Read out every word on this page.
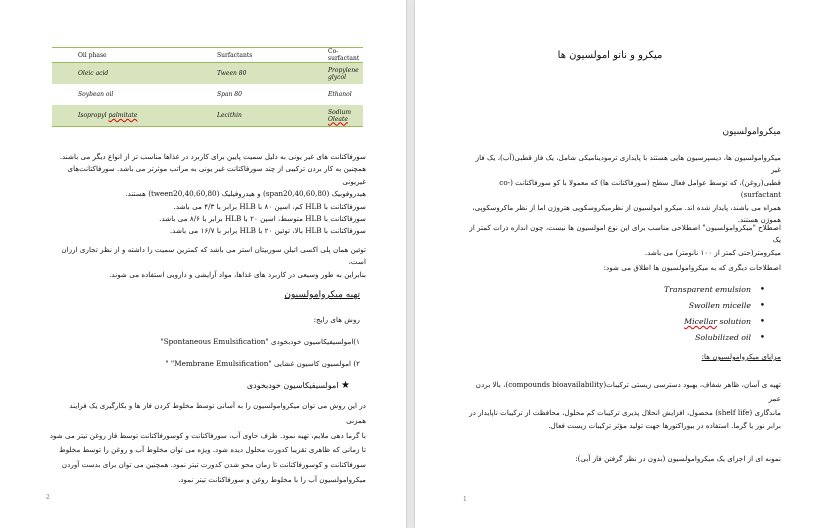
Oil phase	Surfactants	Co-surfactant
Oleic acid	Tween 80	Propylene glycol
Soybean oil	Span 80	Ethanol
Isopropyl palmitate	Lecithin	Sodium Oleate
سورفاکتانت های غیر یونی به دلیل سمیت پایین برای کاربرد در غذاها مناسب تر از انواع دیگر می باشند.
همچنین به کار بردن ترکیبی از چند سورفاکتانت غیر یونی به مراتب موثرتر می باشد. سورفاکتانت‌های غیریونی
هیدروفوبیک (span20,40,60,80) و هیدروفیلیک (tween20,40,60,80) هستند.
سورفاکتانت با HLB کم، اسپن ۸۰ با HLB برابر با ۴/۳ می باشد.
سورفاکتانت با HLB متوسط، اسپن ۲۰ با HLB برابر با ۸/۶ می باشد.
سورفاکتانت با HLB بالا، توئین ۲۰ با HLB برابر با ۱۶/۷ می باشد.
توئین همان پلی اکسی اتیلن سوربیتان استر می باشد که کمترین سمیت را داشته و از نظر تجاری ارزان است،
بنابراین به طور وسیعی در کاربرد های غذاها، مواد آرایشی و دارویی استفاده می شوند.
تهیه میکروامولسیون
روش های رایج:
۱)امولسیفیکاسیون خودبخودی "Spontaneous Emulsification"
۲) امولسیون کاسیون غشایی "Membrane Emulsification" "
★ امولسیفیکاسیون خودبخودی
در این روش می توان میکروامولسیون را به آسانی توسط مخلوط کردن فاز ها و بکارگیری یک فرایند همزنی
با گرما دهی ملایم، تهیه نمود. ظرف حاوی آب، سورفاکتانت و کوسورفاکتانت توسط فاز روغن تیتر می شود
تا زمانی که ظاهری تقریبا کدورت محلول دیده شود. ویژه می توان مخلوط آب و روغن را توسط مخلوط
سورفاکتانت و کوسورفاکتانت تا زمان محو شدن کدورت تیتر نمود. همچنین می توان برای بدست آوردن
میکروامولسیون آب را با مخلوط روغن و سورفاکتانت تیتر نمود.
2
میکرو و نانو امولسیون ها
میکروامولسیون
میکروامولسیون ها، دیسپرسیون هایی هستند با پایداری ترمودینامیکی شامل، یک فاز قطبی(آب)، یک فاز غیر
قطبی(روغن)، که توسط عوامل فعال سطح (سورفاکتانت ها) که معمولا با کو سورفاکتانت (co-surfactant)
همراه می باشند، پایدار شده اند. میکرو امولسیون از نظرمیکروسکوپی هتروژن اما از نظر ماکروسکوپی،
هموژن هستند.
اصطلاح "میکروامولسیون" اصطلاحی مناسب برای این نوع امولسیون ها نیست، چون اندازه ذرات کمتر از یک
میکرومتر(حتی کمتر از ۱۰۰ نانومتر) می باشد.
اصطلاحات دیگری که به میکروامولسیون ها اطلاق می شود:
Transparent emulsion •
Swollen micelle •
Micellar solution •
Solubilized oil •
مزایای میکروامولسیون ها:
تهیه ی آسان، ظاهر شفاف، بهبود دسترسی زیستی ترکیبات(compounds bioavailability)، بالا بردن عمر
ماندگاری (shelf life) محصول، افزایش انحلال پذیری ترکیبات کم محلول، محافظت از ترکیبات ناپایدار در
برابر نور یا گرما. استفاده در بیوراکتورها جهت تولید مؤثر ترکیبات زیست فعال.
نمونه ای از اجزای یک میکروامولسیون (بدون در نظر گرفتن فاز آبی):
1
